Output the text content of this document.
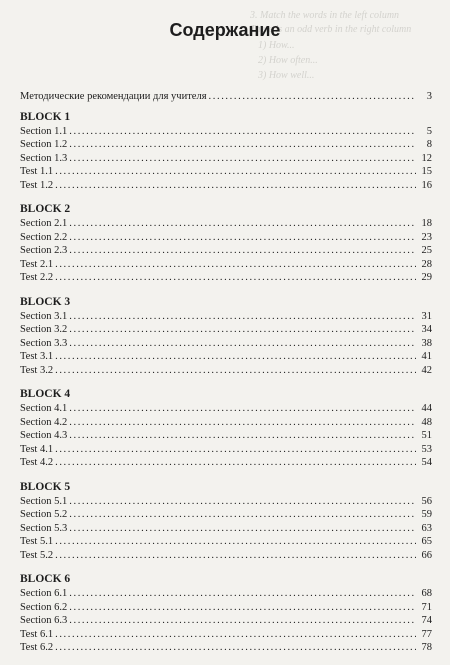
3. Match the words in the left column
There is an odd verb in the right column
1) How...
2) How often...
3) How well...
Содержание
Методические рекомендации для учителя .....	3
BLOCK 1
Section 1.1 .....	5
Section 1.2 .....	8
Section 1.3 .....	12
Test 1.1 .....	15
Test 1.2 .....	16
BLOCK 2
Section 2.1 .....	18
Section 2.2 .....	23
Section 2.3 .....	25
Test 2.1 .....	28
Test 2.2 .....	29
BLOCK 3
Section 3.1 .....	31
Section 3.2 .....	34
Section 3.3 .....	38
Test 3.1 .....	41
Test 3.2 .....	42
BLOCK 4
Section 4.1 .....	44
Section 4.2 .....	48
Section 4.3 .....	51
Test 4.1 .....	53
Test 4.2 .....	54
BLOCK 5
Section 5.1 .....	56
Section 5.2 .....	59
Section 5.3 .....	63
Test 5.1 .....	65
Test 5.2 .....	66
BLOCK 6
Section 6.1 .....	68
Section 6.2 .....	71
Section 6.3 .....	74
Test 6.1 .....	77
Test 6.2 .....	78
